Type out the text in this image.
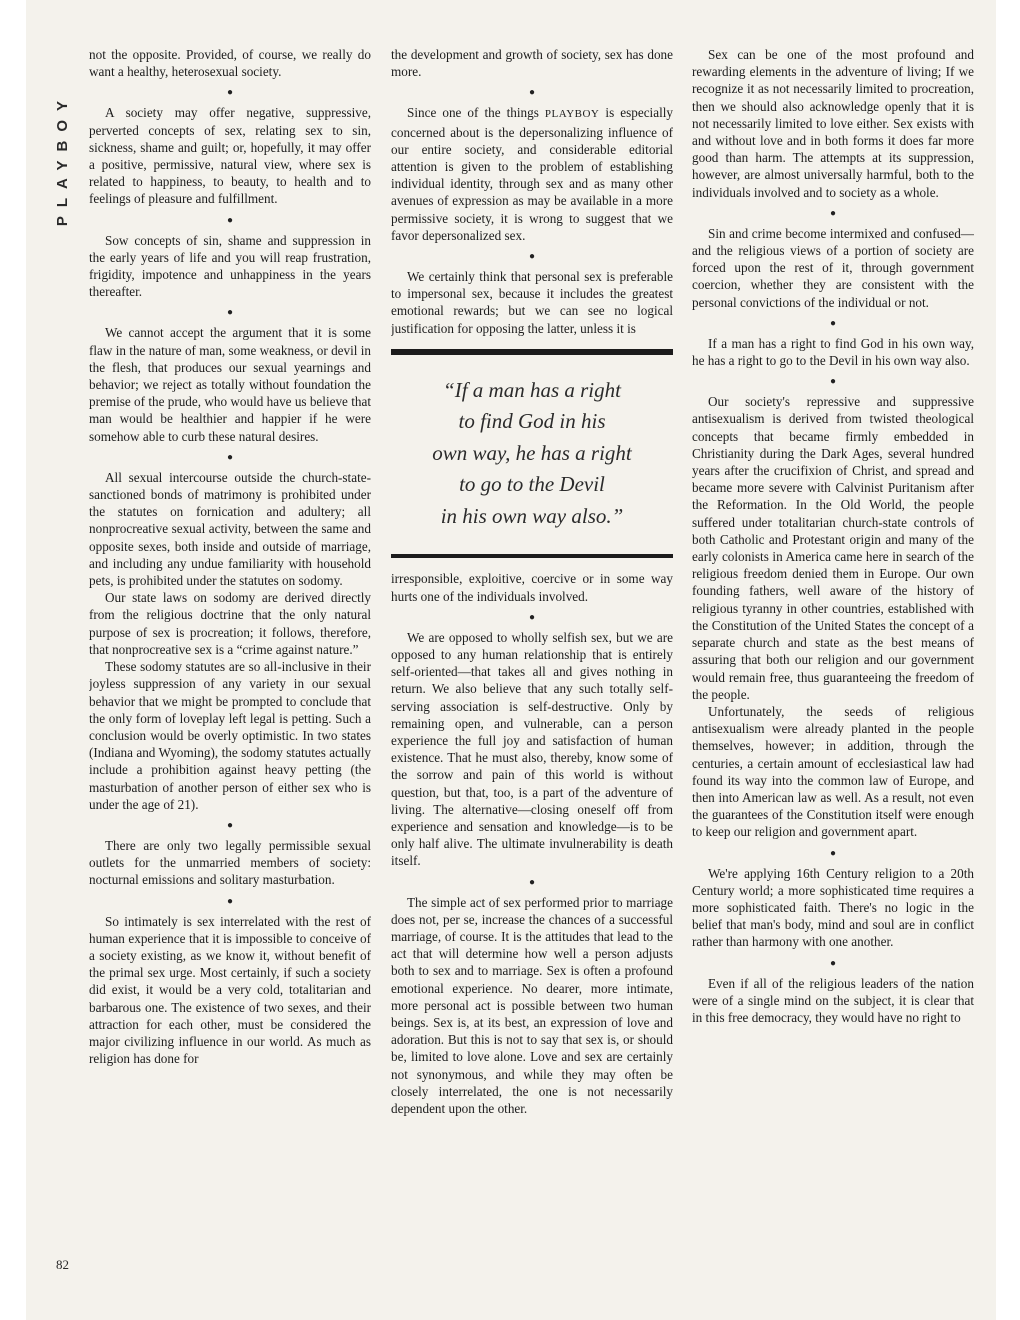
PLAYBOY

not the opposite. Provided, of course, we really do want a healthy, heterosexual society.

●

A society may offer negative, suppressive, perverted concepts of sex, relating sex to sin, sickness, shame and guilt; or, hopefully, it may offer a positive, permissive, natural view, where sex is related to happiness, to beauty, to health and to feelings of pleasure and fulfillment.

●

Sow concepts of sin, shame and suppression in the early years of life and you will reap frustration, frigidity, impotence and unhappiness in the years thereafter.

●

We cannot accept the argument that it is some flaw in the nature of man, some weakness, or devil in the flesh, that produces our sexual yearnings and behavior; we reject as totally without foundation the premise of the prude, who would have us believe that man would be healthier and happier if he were somehow able to curb these natural desires.

●

All sexual intercourse outside the church-state-sanctioned bonds of matrimony is prohibited under the statutes on fornication and adultery; all nonprocreative sexual activity, between the same and opposite sexes, both inside and outside of marriage, and including any undue familiarity with household pets, is prohibited under the statutes on sodomy.

Our state laws on sodomy are derived directly from the religious doctrine that the only natural purpose of sex is procreation; it follows, therefore, that nonprocreative sex is a “crime against nature.”

These sodomy statutes are so all-inclusive in their joyless suppression of any variety in our sexual behavior that we might be prompted to conclude that the only form of loveplay left legal is petting. Such a conclusion would be overly optimistic. In two states (Indiana and Wyoming), the sodomy statutes actually include a prohibition against heavy petting (the masturbation of another person of either sex who is under the age of 21).

●

There are only two legally permissible sexual outlets for the unmarried members of society: nocturnal emissions and solitary masturbation.

●

So intimately is sex interrelated with the rest of human experience that it is impossible to conceive of a society existing, as we know it, without benefit of the primal sex urge. Most certainly, if such a society did exist, it would be a very cold, totalitarian and barbarous one. The existence of two sexes, and their attraction for each other, must be considered the major civilizing influence in our world. As much as religion has done for

the development and growth of society, sex has done more.

●

Since one of the things PLAYBOY is especially concerned about is the depersonalizing influence of our entire society, and considerable editorial attention is given to the problem of establishing individual identity, through sex and as many other avenues of expression as may be available in a more permissive society, it is wrong to suggest that we favor depersonalized sex.

●

We certainly think that personal sex is preferable to impersonal sex, because it includes the greatest emotional rewards; but we can see no logical justification for opposing the latter, unless it is

“If a man has a right
to find God in his
own way, he has a right
to go to the Devil
in his own way also.”

irresponsible, exploitive, coercive or in some way hurts one of the individuals involved.

●

We are opposed to wholly selfish sex, but we are opposed to any human relationship that is entirely self-oriented—that takes all and gives nothing in return. We also believe that any such totally self-serving association is self-destructive. Only by remaining open, and vulnerable, can a person experience the full joy and satisfaction of human existence. That he must also, thereby, know some of the sorrow and pain of this world is without question, but that, too, is a part of the adventure of living. The alternative—closing oneself off from experience and sensation and knowledge—is to be only half alive. The ultimate invulnerability is death itself.

●

The simple act of sex performed prior to marriage does not, per se, increase the chances of a successful marriage, of course. It is the attitudes that lead to the act that will determine how well a person adjusts both to sex and to marriage. Sex is often a profound emotional experience. No dearer, more intimate, more personal act is possible between two human beings. Sex is, at its best, an expression of love and adoration. But this is not to say that sex is, or should be, limited to love alone. Love and sex are certainly not synonymous, and while they may often be closely interrelated, the one is not necessarily dependent upon the other.

Sex can be one of the most profound and rewarding elements in the adventure of living; If we recognize it as not necessarily limited to procreation, then we should also acknowledge openly that it is not necessarily limited to love either. Sex exists with and without love and in both forms it does far more good than harm. The attempts at its suppression, however, are almost universally harmful, both to the individuals involved and to society as a whole.

●

Sin and crime become intermixed and confused—and the religious views of a portion of society are forced upon the rest of it, through government coercion, whether they are consistent with the personal convictions of the individual or not.

●

If a man has a right to find God in his own way, he has a right to go to the Devil in his own way also.

●

Our society's repressive and suppressive antisexualism is derived from twisted theological concepts that became firmly embedded in Christianity during the Dark Ages, several hundred years after the crucifixion of Christ, and spread and became more severe with Calvinist Puritanism after the Reformation. In the Old World, the people suffered under totalitarian church-state controls of both Catholic and Protestant origin and many of the early colonists in America came here in search of the religious freedom denied them in Europe. Our own founding fathers, well aware of the history of religious tyranny in other countries, established with the Constitution of the United States the concept of a separate church and state as the best means of assuring that both our religion and our government would remain free, thus guaranteeing the freedom of the people.

Unfortunately, the seeds of religious antisexualism were already planted in the people themselves, however; in addition, through the centuries, a certain amount of ecclesiastical law had found its way into the common law of Europe, and then into American law as well. As a result, not even the guarantees of the Constitution itself were enough to keep our religion and government apart.

●

We're applying 16th Century religion to a 20th Century world; a more sophisticated time requires a more sophisticated faith. There's no logic in the belief that man's body, mind and soul are in conflict rather than harmony with one another.

●

Even if all of the religious leaders of the nation were of a single mind on the subject, it is clear that in this free democracy, they would have no right to

82
